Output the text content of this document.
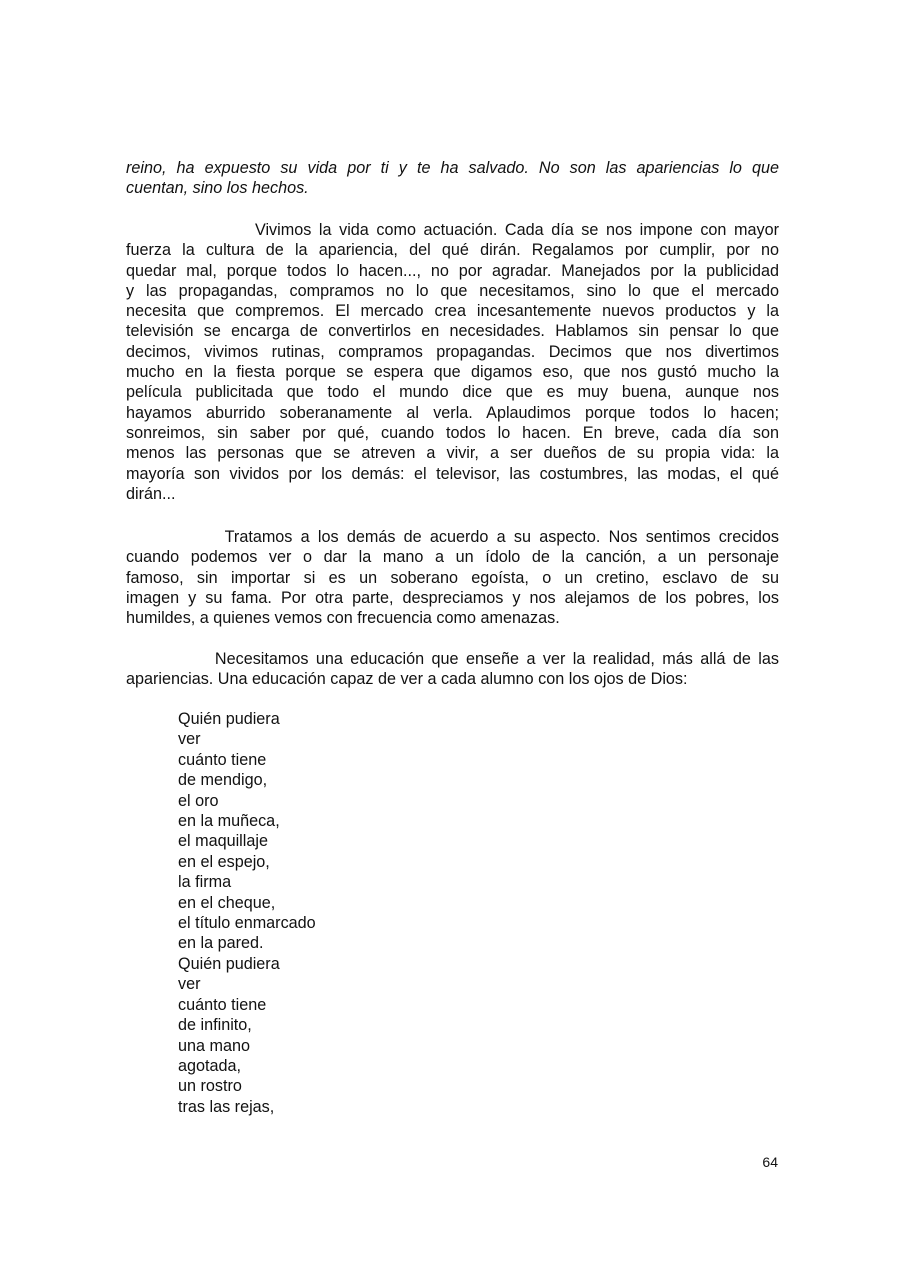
reino, ha expuesto su vida por ti y te ha salvado. No son las apariencias lo que
cuentan, sino los hechos.
Vivimos la vida como actuación. Cada día se nos impone con mayor
fuerza la cultura de la apariencia, del qué dirán. Regalamos por cumplir, por no
quedar mal, porque todos lo hacen..., no por agradar. Manejados por la publicidad
y las propagandas, compramos no lo que necesitamos, sino lo que el mercado
necesita que compremos. El mercado crea incesantemente nuevos productos y la
televisión se encarga de convertirlos en necesidades. Hablamos sin pensar lo que
decimos, vivimos rutinas, compramos propagandas. Decimos que nos divertimos
mucho en la fiesta porque se espera que digamos eso, que nos gustó mucho la
película publicitada que todo el mundo dice que es muy buena, aunque nos
hayamos aburrido soberanamente al verla. Aplaudimos porque todos lo hacen;
sonreimos, sin saber por qué, cuando todos lo hacen. En breve, cada día son
menos las personas que se atreven a vivir, a ser dueños de su propia vida: la
mayoría son vividos por los demás: el televisor, las costumbres, las modas, el qué
dirán...
Tratamos a los demás de acuerdo a su aspecto. Nos sentimos crecidos
cuando podemos ver o dar la mano a un ídolo de la canción, a un personaje
famoso, sin importar si es un soberano egoísta, o un cretino, esclavo de su
imagen y su fama. Por otra parte, despreciamos y nos alejamos de los pobres, los
humildes, a quienes vemos con frecuencia como amenazas.
Necesitamos una educación que enseñe a ver la realidad, más allá de las
apariencias. Una educación capaz de ver a cada alumno con los ojos de Dios:
Quién pudiera
ver
cuánto tiene
de mendigo,
el oro
en la muñeca,
el maquillaje
en el espejo,
la firma
en el cheque,
el título enmarcado
en la pared.
Quién pudiera
ver
cuánto tiene
de infinito,
una mano
agotada,
un rostro
tras las rejas,
64
